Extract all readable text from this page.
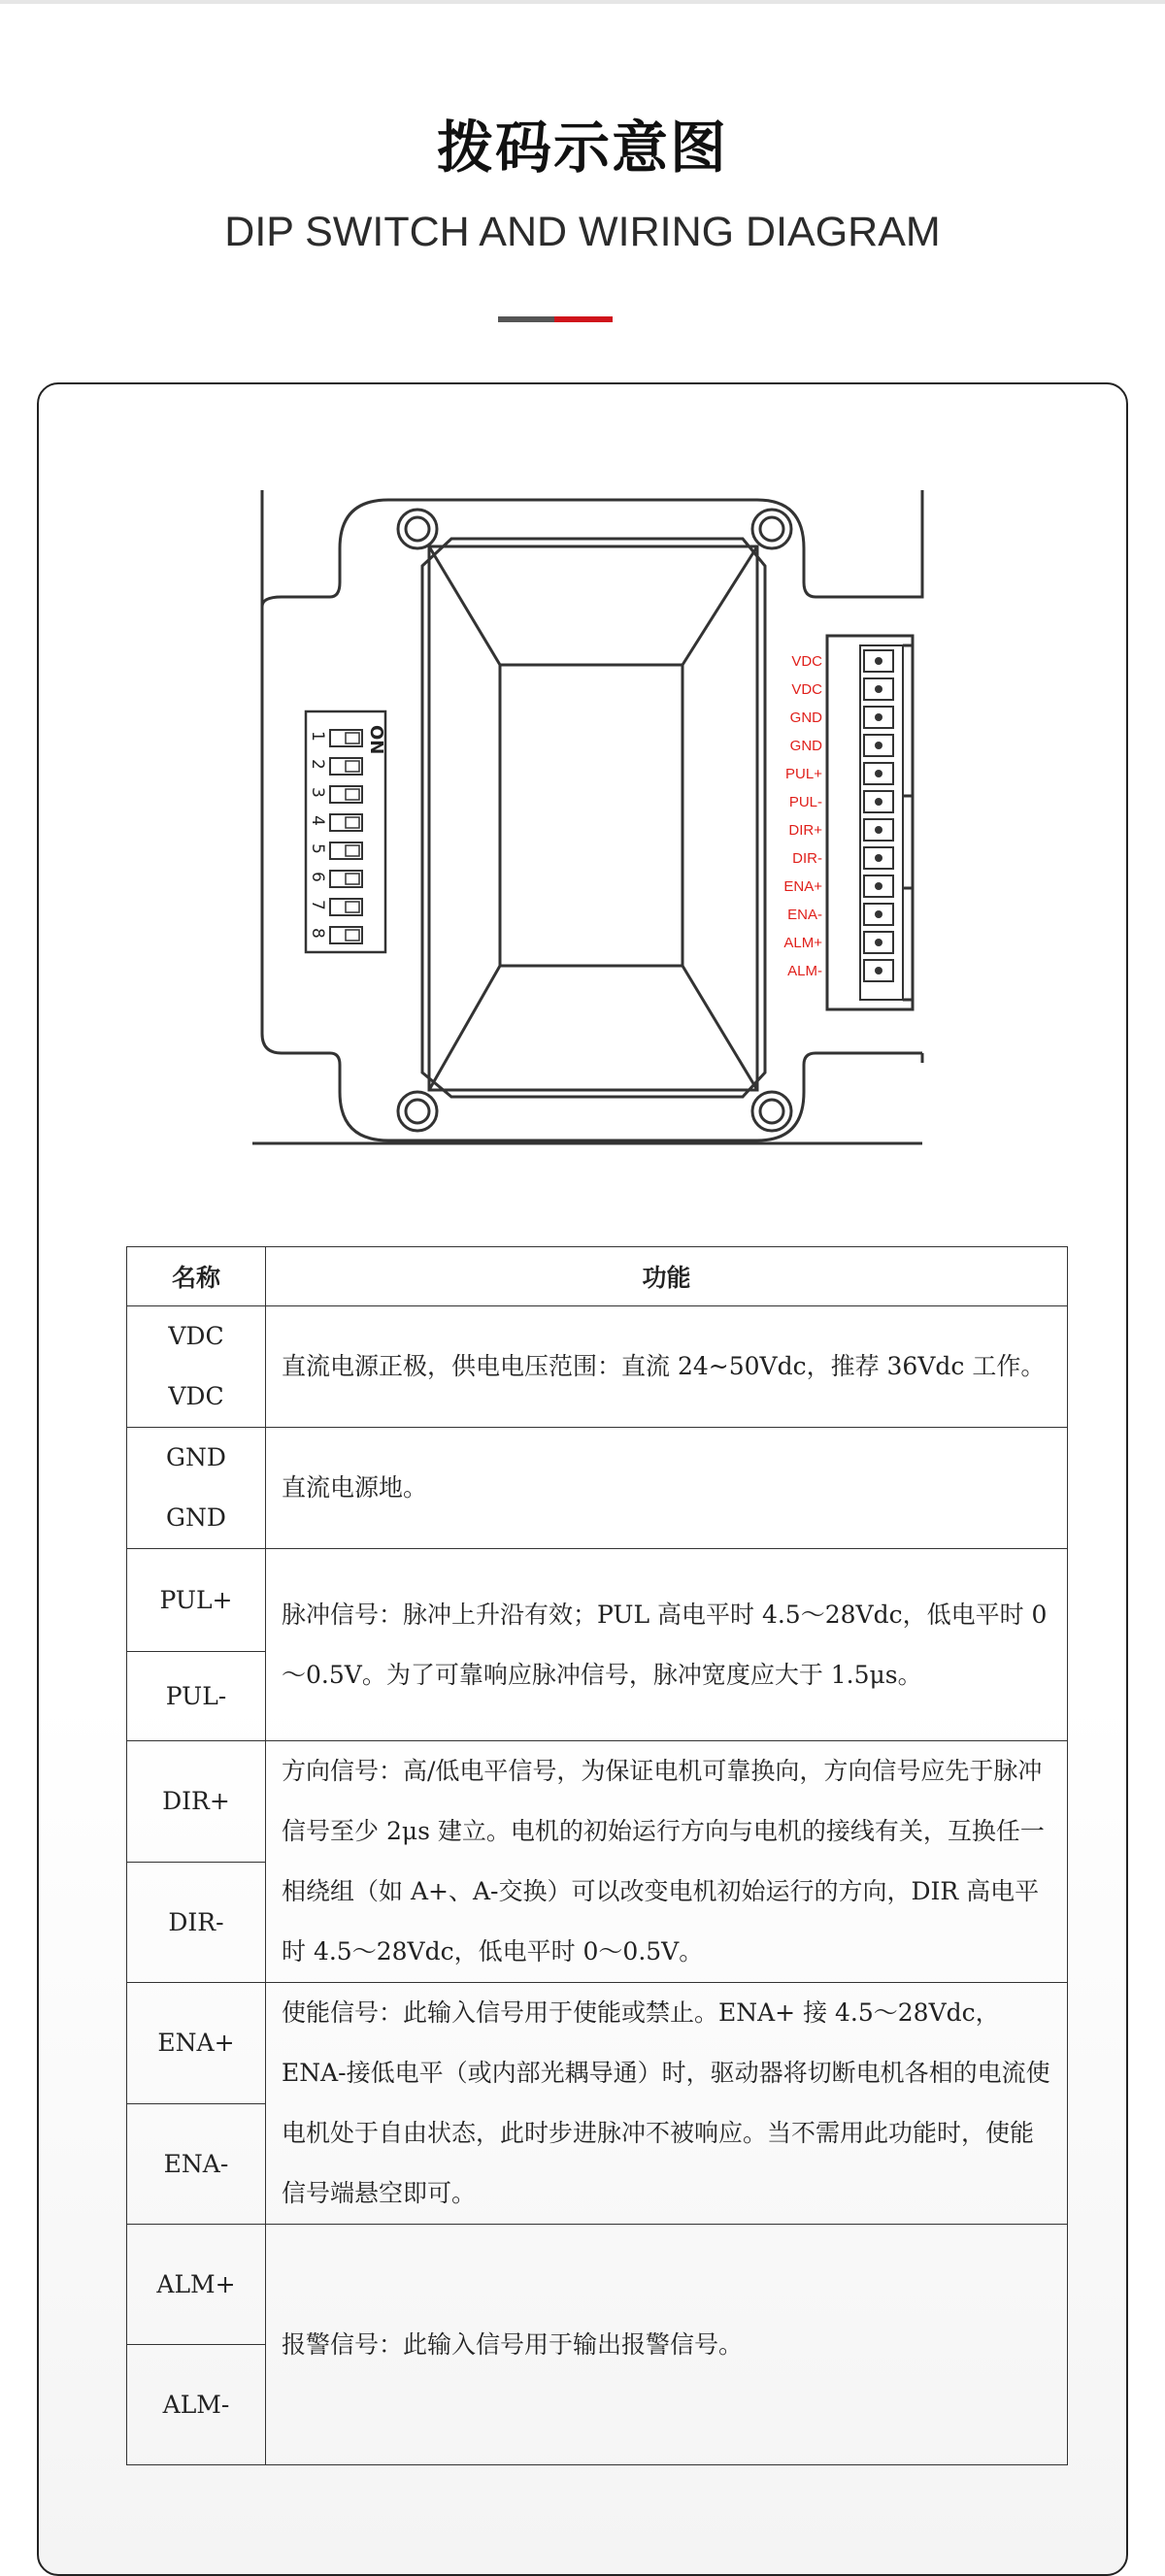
拨码示意图
DIP SWITCH AND WIRING DIAGRAM
ON
1
2
3
4
5
6
7
8
VDC
VDC
GND
GND
PUL+
PUL-
DIR+
DIR-
ENA+
ENA-
ALM+
ALM-
名称	功能

VDC
VDC	直流电源正极，供电电压范围：直流 24~50Vdc，推荐 36Vdc 工作。

GND
GND	直流电源地。
PUL+	脉冲信号：脉冲上升沿有效；PUL 高电平时 4.5～28Vdc，低电平时 0～0.5V。为了可靠响应脉冲信号，脉冲宽度应大于 1.5μs。
PUL-	
DIR+	方向信号：高/低电平信号，为保证电机可靠换向，方向信号应先于脉冲信号至少 2μs 建立。电机的初始运行方向与电机的接线有关，互换任一相绕组（如 A+、A-交换）可以改变电机初始运行的方向，DIR 高电平时 4.5～28Vdc，低电平时 0～0.5V。
DIR-	
ENA+	使能信号：此输入信号用于使能或禁止。ENA+ 接 4.5～28Vdc，ENA-接低电平（或内部光耦导通）时，驱动器将切断电机各相的电流使电机处于自由状态，此时步进脉冲不被响应。当不需用此功能时，使能信号端悬空即可。
ENA-	
ALM+	报警信号：此输入信号用于输出报警信号。
ALM-	
